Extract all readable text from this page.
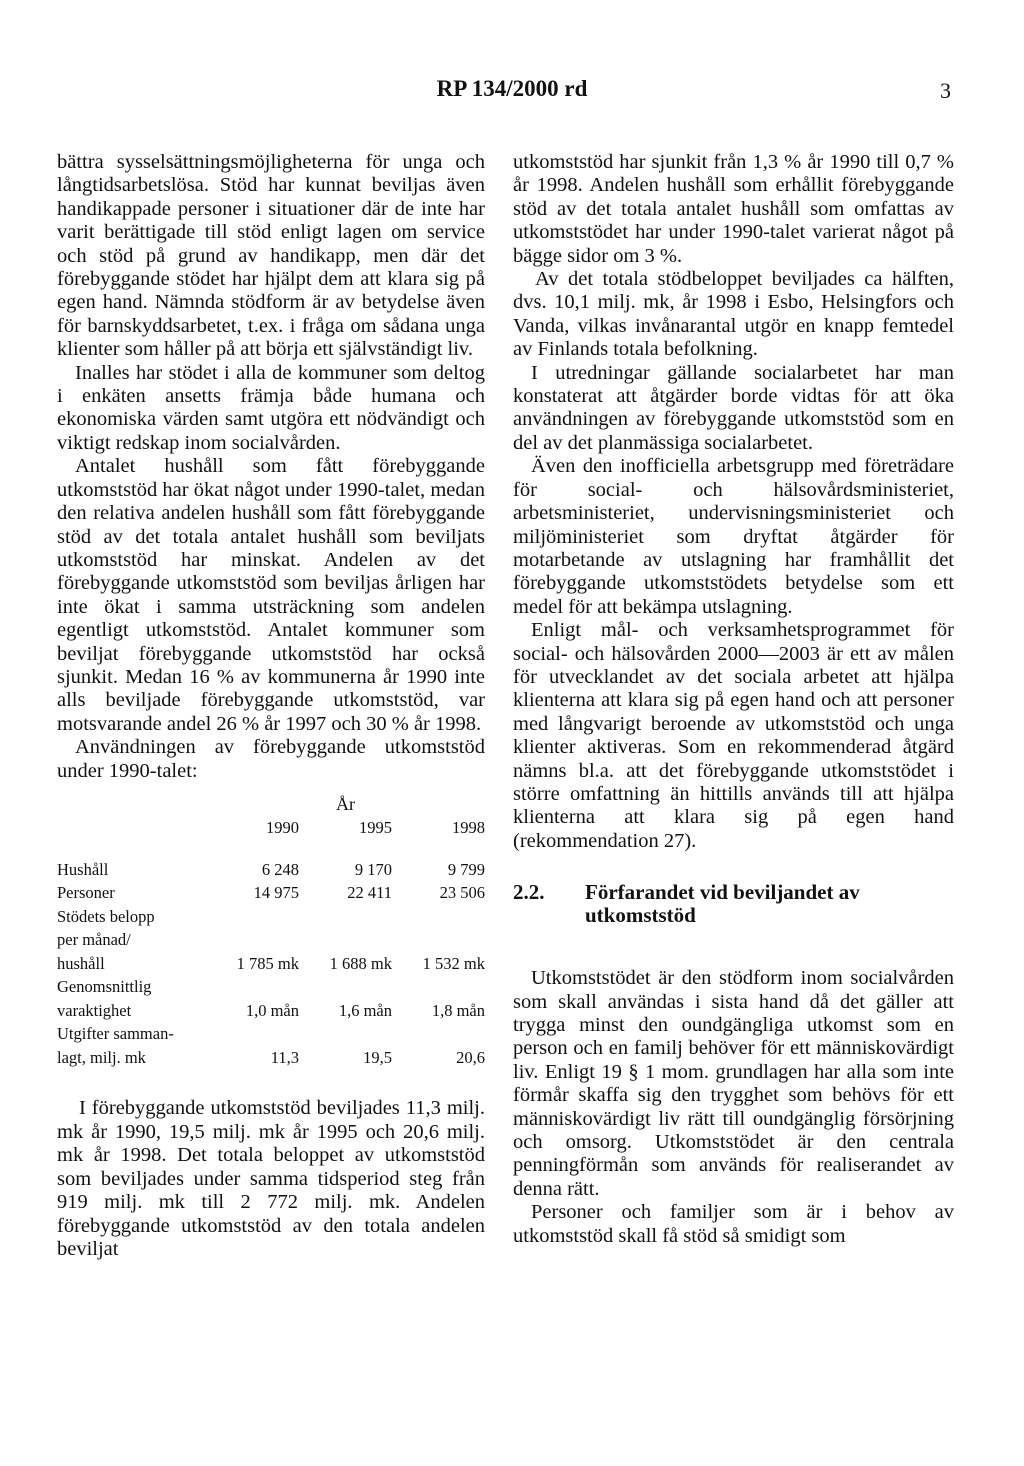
RP 134/2000 rd	3

bättra sysselsättningsmöjligheterna för unga och långtidsarbetslösa. Stöd har kunnat beviljas även handikappade personer i situationer där de inte har varit berättigade till stöd enligt lagen om service och stöd på grund av handikapp, men där det förebyggande stödet har hjälpt dem att klara sig på egen hand. Nämnda stödform är av betydelse även för barnskyddsarbetet, t.ex. i fråga om sådana unga klienter som håller på att börja ett självständigt liv.

Inalles har stödet i alla de kommuner som deltog i enkäten ansetts främja både humana och ekonomiska värden samt utgöra ett nödvändigt och viktigt redskap inom socialvården.

Antalet hushåll som fått förebyggande utkomststöd har ökat något under 1990-talet, medan den relativa andelen hushåll som fått förebyggande stöd av det totala antalet hushåll som beviljats utkomststöd har minskat. Andelen av det förebyggande utkomststöd som beviljas årligen har inte ökat i samma utsträckning som andelen egentligt utkomststöd. Antalet kommuner som beviljat förebyggande utkomststöd har också sjunkit. Medan 16 % av kommunerna år 1990 inte alls beviljade förebyggande utkomststöd, var motsvarande andel 26 % år 1997 och 30 % år 1998.

Användningen av förebyggande utkomststöd under 1990-talet:

		År	
	1990	1995	1998
Hushåll	6 248	9 170	9 799
Personer	14 975	22 411	23 506
Stödets belopp			
per månad/			
hushåll	1 785 mk	1 688 mk	1 532 mk
Genomsnittlig			
varaktighet	1,0 mån	1,6 mån	1,8 mån
Utgifter samman-			
lagt, milj. mk	11,3	19,5	20,6

I förebyggande utkomststöd beviljades 11,3 milj. mk år 1990, 19,5 milj. mk år 1995 och 20,6 milj. mk år 1998. Det totala beloppet av utkomststöd som beviljades under samma tidsperiod steg från 919 milj. mk till 2 772 milj. mk. Andelen förebyggande utkomststöd av den totala andelen beviljat

utkomststöd har sjunkit från 1,3 % år 1990 till 0,7 % år 1998. Andelen hushåll som erhållit förebyggande stöd av det totala antalet hushåll som omfattas av utkomststödet har under 1990-talet varierat något på bägge sidor om 3 %.

Av det totala stödbeloppet beviljades ca hälften, dvs. 10,1 milj. mk, år 1998 i Esbo, Helsingfors och Vanda, vilkas invånarantal utgör en knapp femtedel av Finlands totala befolkning.

I utredningar gällande socialarbetet har man konstaterat att åtgärder borde vidtas för att öka användningen av förebyggande utkomststöd som en del av det planmässiga socialarbetet.

Även den inofficiella arbetsgrupp med företrädare för social- och hälsovårdsministeriet, arbetsministeriet, undervisningsministeriet och miljöministeriet som dryftat åtgärder för motarbetande av utslagning har framhållit det förebyggande utkomststödets betydelse som ett medel för att bekämpa utslagning.

Enligt mål- och verksamhetsprogrammet för social- och hälsovården 2000—2003 är ett av målen för utvecklandet av det sociala arbetet att hjälpa klienterna att klara sig på egen hand och att personer med långvarigt beroende av utkomststöd och unga klienter aktiveras. Som en rekommenderad åtgärd nämns bl.a. att det förebyggande utkomststödet i större omfattning än hittills används till att hjälpa klienterna att klara sig på egen hand (rekommendation 27).

2.2.	Förfarandet vid beviljandet av utkomststöd

Utkomststödet är den stödform inom socialvården som skall användas i sista hand då det gäller att trygga minst den oundgängliga utkomst som en person och en familj behöver för ett människovärdigt liv. Enligt 19 § 1 mom. grundlagen har alla som inte förmår skaffa sig den trygghet som behövs för ett människovärdigt liv rätt till oundgänglig försörjning och omsorg. Utkomststödet är den centrala penningförmån som används för realiserandet av denna rätt.

Personer och familjer som är i behov av utkomststöd skall få stöd så smidigt som
